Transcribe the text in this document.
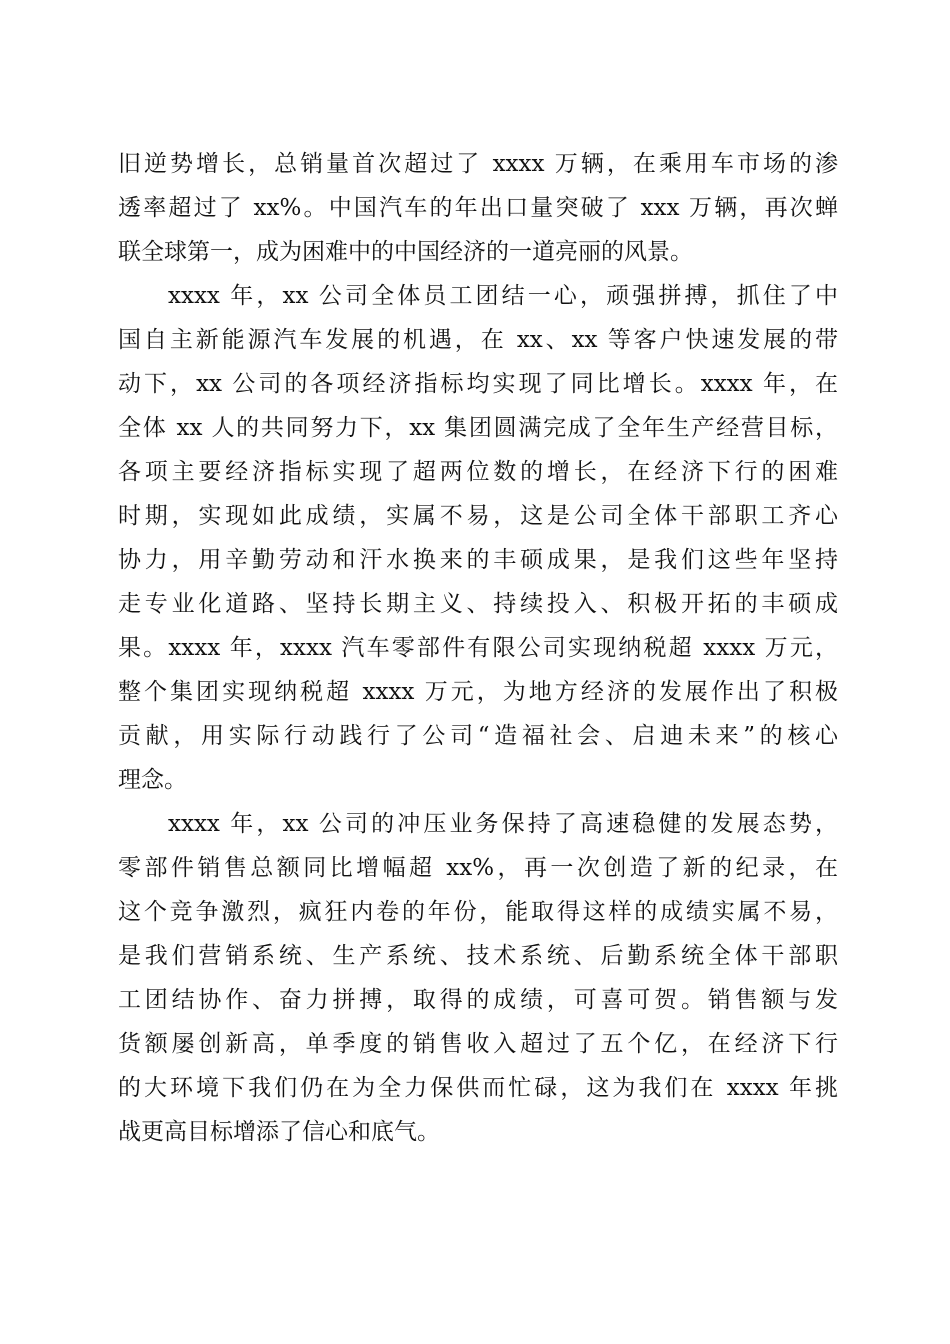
旧逆势增长，总销量首次超过了 xxxx 万辆，在乘用车市场的渗
透率超过了 xx%。中国汽车的年出口量突破了 xxx 万辆，再次蝉
联全球第一，成为困难中的中国经济的一道亮丽的风景。
xxxx 年，xx 公司全体员工团结一心，顽强拼搏，抓住了中
国自主新能源汽车发展的机遇，在 xx、xx 等客户快速发展的带
动下，xx 公司的各项经济指标均实现了同比增长。xxxx 年，在
全体 xx 人的共同努力下，xx 集团圆满完成了全年生产经营目标，
各项主要经济指标实现了超两位数的增长，在经济下行的困难
时期，实现如此成绩，实属不易，这是公司全体干部职工齐心
协力，用辛勤劳动和汗水换来的丰硕成果，是我们这些年坚持
走专业化道路、坚持长期主义、持续投入、积极开拓的丰硕成
果。xxxx 年，xxxx 汽车零部件有限公司实现纳税超 xxxx 万元，
整个集团实现纳税超 xxxx 万元，为地方经济的发展作出了积极
贡献，用实际行动践行了公司“造福社会、启迪未来”的核心
理念。
xxxx 年，xx 公司的冲压业务保持了高速稳健的发展态势，
零部件销售总额同比增幅超 xx%，再一次创造了新的纪录，在
这个竞争激烈，疯狂内卷的年份，能取得这样的成绩实属不易，
是我们营销系统、生产系统、技术系统、后勤系统全体干部职
工团结协作、奋力拼搏，取得的成绩，可喜可贺。销售额与发
货额屡创新高，单季度的销售收入超过了五个亿，在经济下行
的大环境下我们仍在为全力保供而忙碌，这为我们在 xxxx 年挑
战更高目标增添了信心和底气。
